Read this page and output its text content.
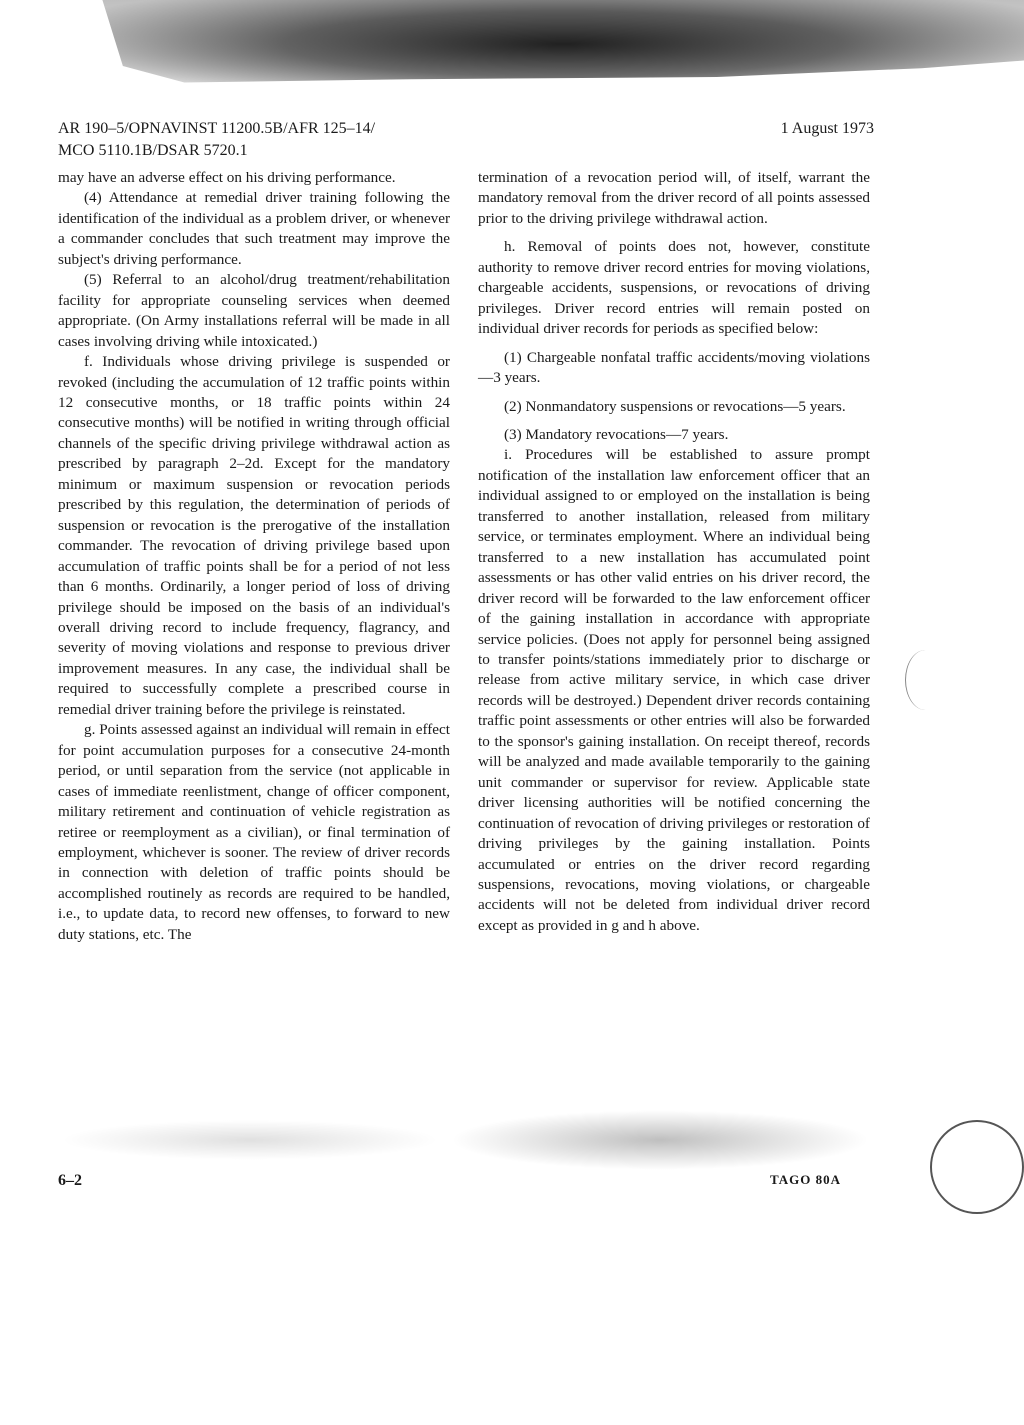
AR 190–5/OPNAVINST 11200.5B/AFR 125–14/
MCO 5110.1B/DSAR 5720.1
1 August 1973

may have an adverse effect on his driving performance.

(4) Attendance at remedial driver training following the identification of the individual as a problem driver, or whenever a commander concludes that such treatment may improve the subject's driving performance.

(5) Referral to an alcohol/drug treatment/rehabilitation facility for appropriate counseling services when deemed appropriate. (On Army installations referral will be made in all cases involving driving while intoxicated.)

f. Individuals whose driving privilege is suspended or revoked (including the accumulation of 12 traffic points within 12 consecutive months, or 18 traffic points within 24 consecutive months) will be notified in writing through official channels of the specific driving privilege withdrawal action as prescribed by paragraph 2–2d. Except for the mandatory minimum or maximum suspension or revocation periods prescribed by this regulation, the determination of periods of suspension or revocation is the prerogative of the installation commander. The revocation of driving privilege based upon accumulation of traffic points shall be for a period of not less than 6 months. Ordinarily, a longer period of loss of driving privilege should be imposed on the basis of an individual's overall driving record to include frequency, flagrancy, and severity of moving violations and response to previous driver improvement measures. In any case, the individual shall be required to successfully complete a prescribed course in remedial driver training before the privilege is reinstated.

g. Points assessed against an individual will remain in effect for point accumulation purposes for a consecutive 24-month period, or until separation from the service (not applicable in cases of immediate reenlistment, change of officer component, military retirement and continuation of vehicle registration as retiree or reemployment as a civilian), or final termination of employment, whichever is sooner. The review of driver records in connection with deletion of traffic points should be accomplished routinely as records are required to be handled, i.e., to update data, to record new offenses, to forward to new duty stations, etc. The

termination of a revocation period will, of itself, warrant the mandatory removal from the driver record of all points assessed prior to the driving privilege withdrawal action.

h. Removal of points does not, however, constitute authority to remove driver record entries for moving violations, chargeable accidents, suspensions, or revocations of driving privileges. Driver record entries will remain posted on individual driver records for periods as specified below:

(1) Chargeable nonfatal traffic accidents/moving violations—3 years.

(2) Nonmandatory suspensions or revocations—5 years.

(3) Mandatory revocations—7 years.

i. Procedures will be established to assure prompt notification of the installation law enforcement officer that an individual assigned to or employed on the installation is being transferred to another installation, released from military service, or terminates employment. Where an individual being transferred to a new installation has accumulated point assessments or has other valid entries on his driver record, the driver record will be forwarded to the law enforcement officer of the gaining installation in accordance with appropriate service policies. (Does not apply for personnel being assigned to transfer points/stations immediately prior to discharge or release from active military service, in which case driver records will be destroyed.) Dependent driver records containing traffic point assessments or other entries will also be forwarded to the sponsor's gaining installation. On receipt thereof, records will be analyzed and made available temporarily to the gaining unit commander or supervisor for review. Applicable state driver licensing authorities will be notified concerning the continuation of revocation of driving privileges or restoration of driving privileges by the gaining installation. Points accumulated or entries on the driver record regarding suspensions, revocations, moving violations, or chargeable accidents will not be deleted from individual driver record except as provided in g and h above.

6–2	TAGO 80A
